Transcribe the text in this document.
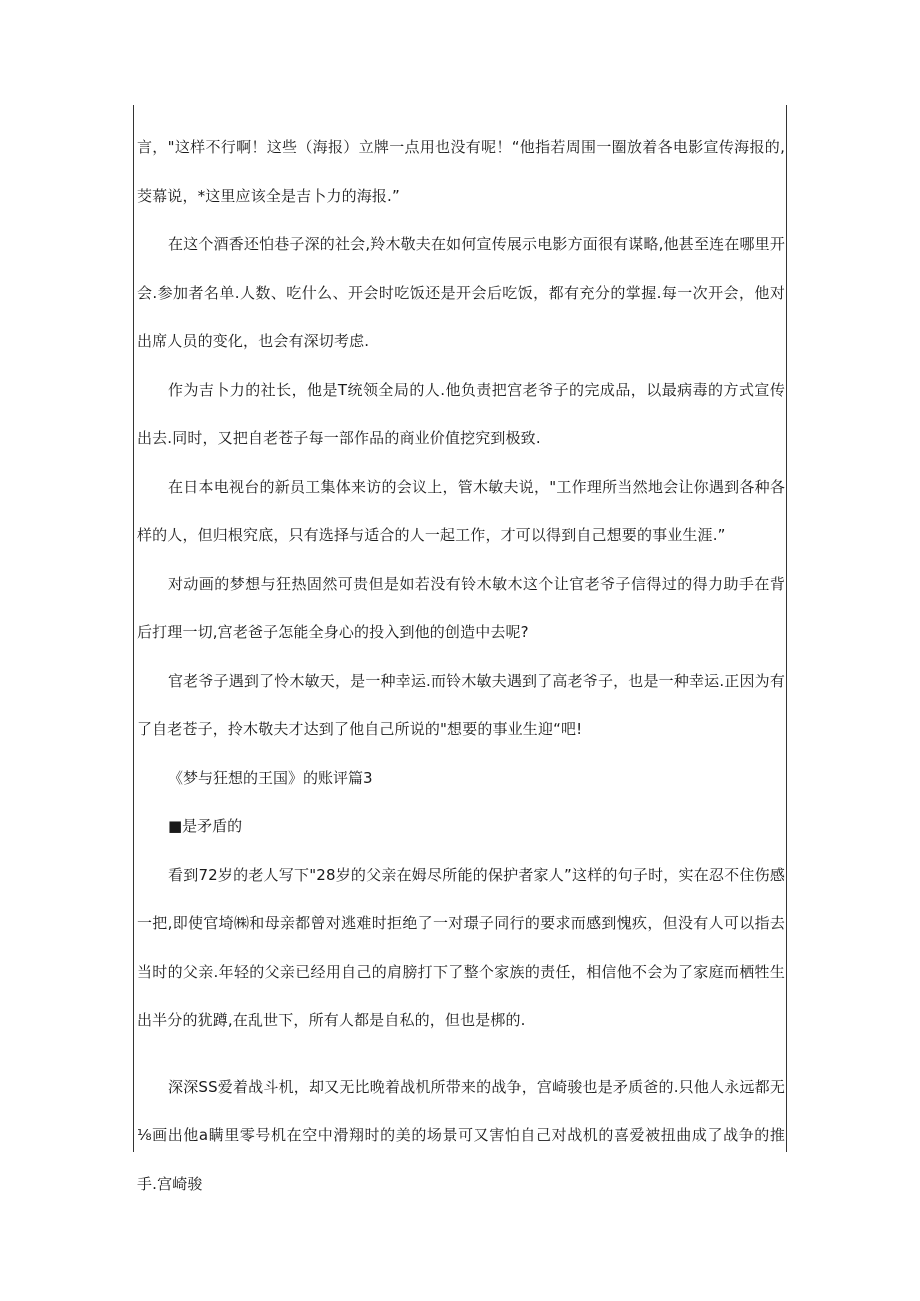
言，"这样不行啊！这些（海报）立牌一点用也没有呢！“他指若周围一圈放着各电影宣传海报的,茭幕说，*这里应该全是吉卜力的海报.”

在这个酒香还怕巷子深的社会,羚木敬夫在如何宣传展示电影方面很有谋略,他甚至连在哪里开会.参加者名单.人数、吃什么、开会时吃饭还是开会后吃饭，都有充分的掌握.每一次开会，他对出席人员的变化，也会有深切考虑.

作为吉卜力的社长，他是T统领全局的人.他负责把宫老爷子的完成品，以最病毒的方式宣传出去.同时，又把自老苍子每一部作品的商业价值挖究到极致.

在日本电视台的新员工集体来访的会议上，管木敏夫说，"工作理所当然地会让你遇到各种各样的人，但归根究底，只有选择与适合的人一起工作，才可以得到自己想要的事业生涯.”

对动画的梦想与狂热固然可贵但是如若没有铃木敏木这个让官老爷子信得过的得力助手在背后打理一切,宫老爸子怎能全身心的投入到他的创造中去呢?

官老爷子遇到了怜木敏天，是一种幸运.而铃木敏夫遇到了高老爷子，也是一种幸运.正因为有了自老苍子，拎木敬夫才达到了他自己所说的"想要的事业生迎“吧!

《梦与狂想的王国》的账评篇3

■是矛盾的

看到72岁的老人写下"28岁的父亲在姆尽所能的保护者家人”这样的句子时，实在忍不住伤感一把,即使官埼㈱和母亲都曾对逃难时拒绝了一对璟子同行的要求而感到愧疚，但没有人可以指去当时的父亲.年轻的父亲已经用自己的肩膀打下了整个家族的责任，相信他不会为了家庭而栖牲生出半分的犹蹲,在乱世下，所有人都是自私的，但也是梆的.

深深SS爱着战斗机，却又无比晚着战机所带来的战争，宫崎骏也是矛质爸的.只他人永远都无⅛画出他a瞒里零号机在空中滑翔时的美的场景可又害怕自己对战机的喜爱被扭曲成了战争的推手.宫崎骏
